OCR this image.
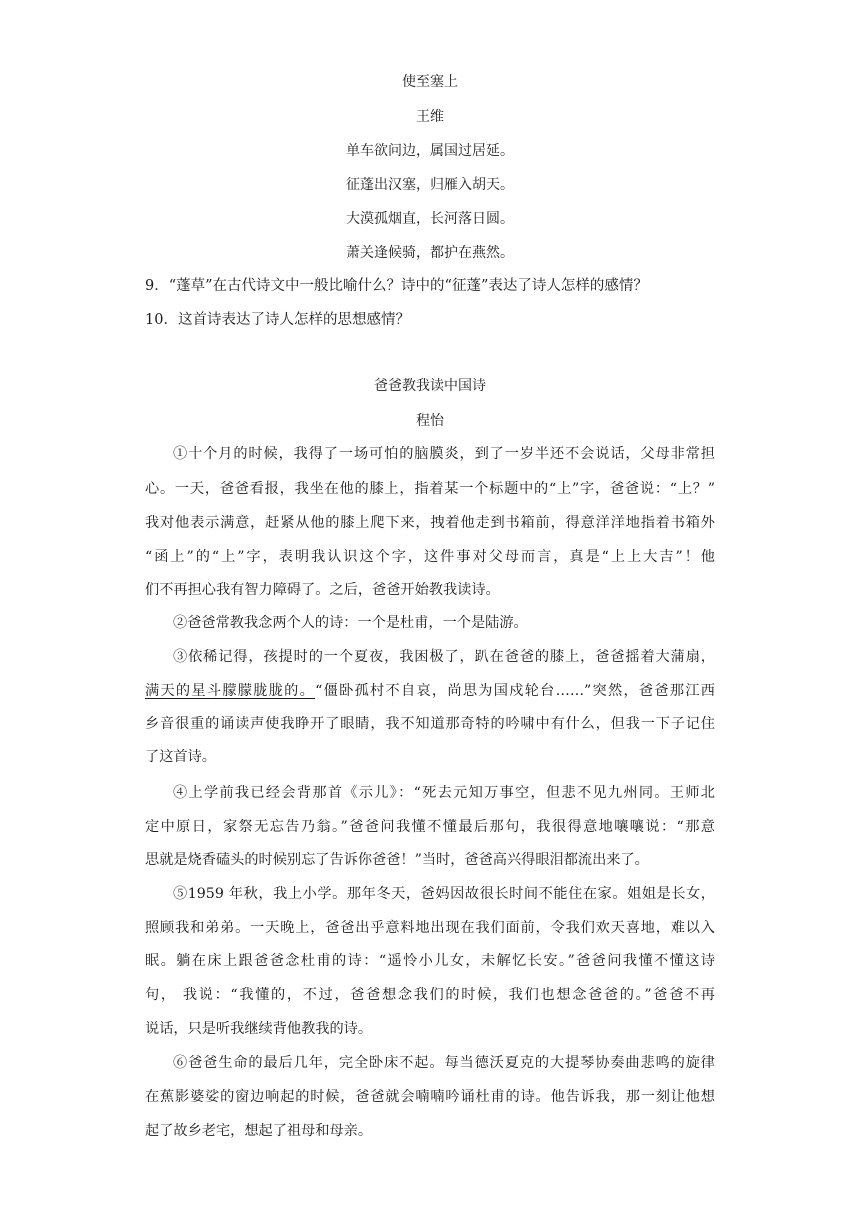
使至塞上
王维
单车欲问边，属国过居延。
征蓬出汉塞，归雁入胡天。
大漠孤烟直，长河落日圆。
萧关逢候骑，都护在燕然。
9．“蓬草”在古代诗文中一般比喻什么？诗中的“征蓬”表达了诗人怎样的感情？
10．这首诗表达了诗人怎样的思想感情？
爸爸教我读中国诗
程怡
①十个月的时候，我得了一场可怕的脑膜炎，到了一岁半还不会说话，父母非常担
心。一天，爸爸看报，我坐在他的膝上，指着某一个标题中的“上”字，爸爸说：“上？”
我对他表示满意，赶紧从他的膝上爬下来，拽着他走到书箱前，得意洋洋地指着书箱外
“函上”的“上”字，表明我认识这个字，这件事对父母而言，真是“上上大吉”！他
们不再担心我有智力障碍了。之后，爸爸开始教我读诗。
②爸爸常教我念两个人的诗：一个是杜甫，一个是陆游。
③依稀记得，孩提时的一个夏夜，我困极了，趴在爸爸的膝上，爸爸摇着大蒲扇，
满天的星斗朦朦胧胧的。“僵卧孤村不自哀，尚思为国戍轮台……”突然，爸爸那江西
乡音很重的诵读声使我睁开了眼睛，我不知道那奇特的吟啸中有什么，但我一下子记住
了这首诗。
④上学前我已经会背那首《示儿》：“死去元知万事空，但悲不见九州同。王师北
定中原日，家祭无忘告乃翁。”爸爸问我懂不懂最后那句，我很得意地嚷嚷说：“那意
思就是烧香磕头的时候别忘了告诉你爸爸！”当时，爸爸高兴得眼泪都流出来了。
⑤1959 年秋，我上小学。那年冬天，爸妈因故很长时间不能住在家。姐姐是长女，
照顾我和弟弟。一天晚上，爸爸出乎意料地出现在我们面前，令我们欢天喜地，难以入
眠。躺在床上跟爸爸念杜甫的诗：“遥怜小儿女，未解忆长安。”爸爸问我懂不懂这诗
句， 我说：“我懂的，不过，爸爸想念我们的时候，我们也想念爸爸的。”爸爸不再
说话，只是听我继续背他教我的诗。
⑥爸爸生命的最后几年，完全卧床不起。每当德沃夏克的大提琴协奏曲悲鸣的旋律
在蕉影婆娑的窗边响起的时候，爸爸就会喃喃吟诵杜甫的诗。他告诉我，那一刻让他想
起了故乡老宅，想起了祖母和母亲。
